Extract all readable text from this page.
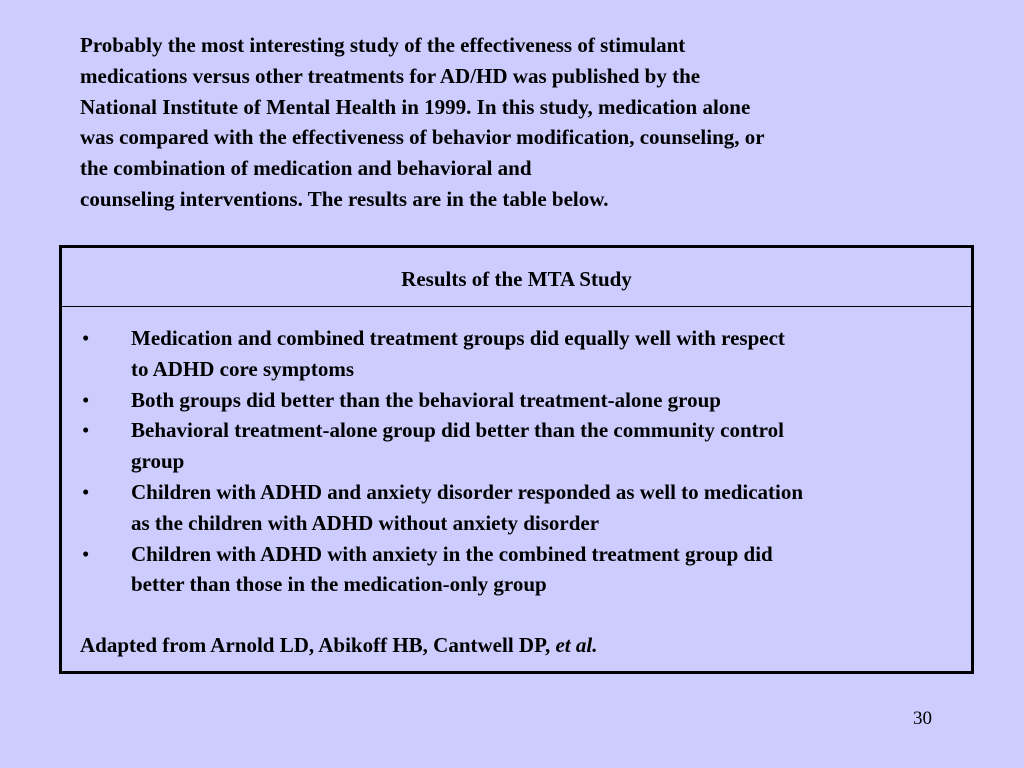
Probably the most interesting study of the effectiveness of stimulant
medications versus other treatments for AD/HD was published by the
National Institute of Mental Health in 1999. In this study, medication alone
was compared with the effectiveness of behavior modification, counseling, or
the combination of medication and behavioral and
counseling interventions. The results are in the table below.
Results of the MTA Study
• Medication and combined treatment groups did equally well with respect
to ADHD core symptoms
• Both groups did better than the behavioral treatment-alone group
• Behavioral treatment-alone group did better than the community control
group
• Children with ADHD and anxiety disorder responded as well to medication
as the children with ADHD without anxiety disorder
• Children with ADHD with anxiety in the combined treatment group did
better than those in the medication-only group
Adapted from Arnold LD, Abikoff HB, Cantwell DP, et al.
30
